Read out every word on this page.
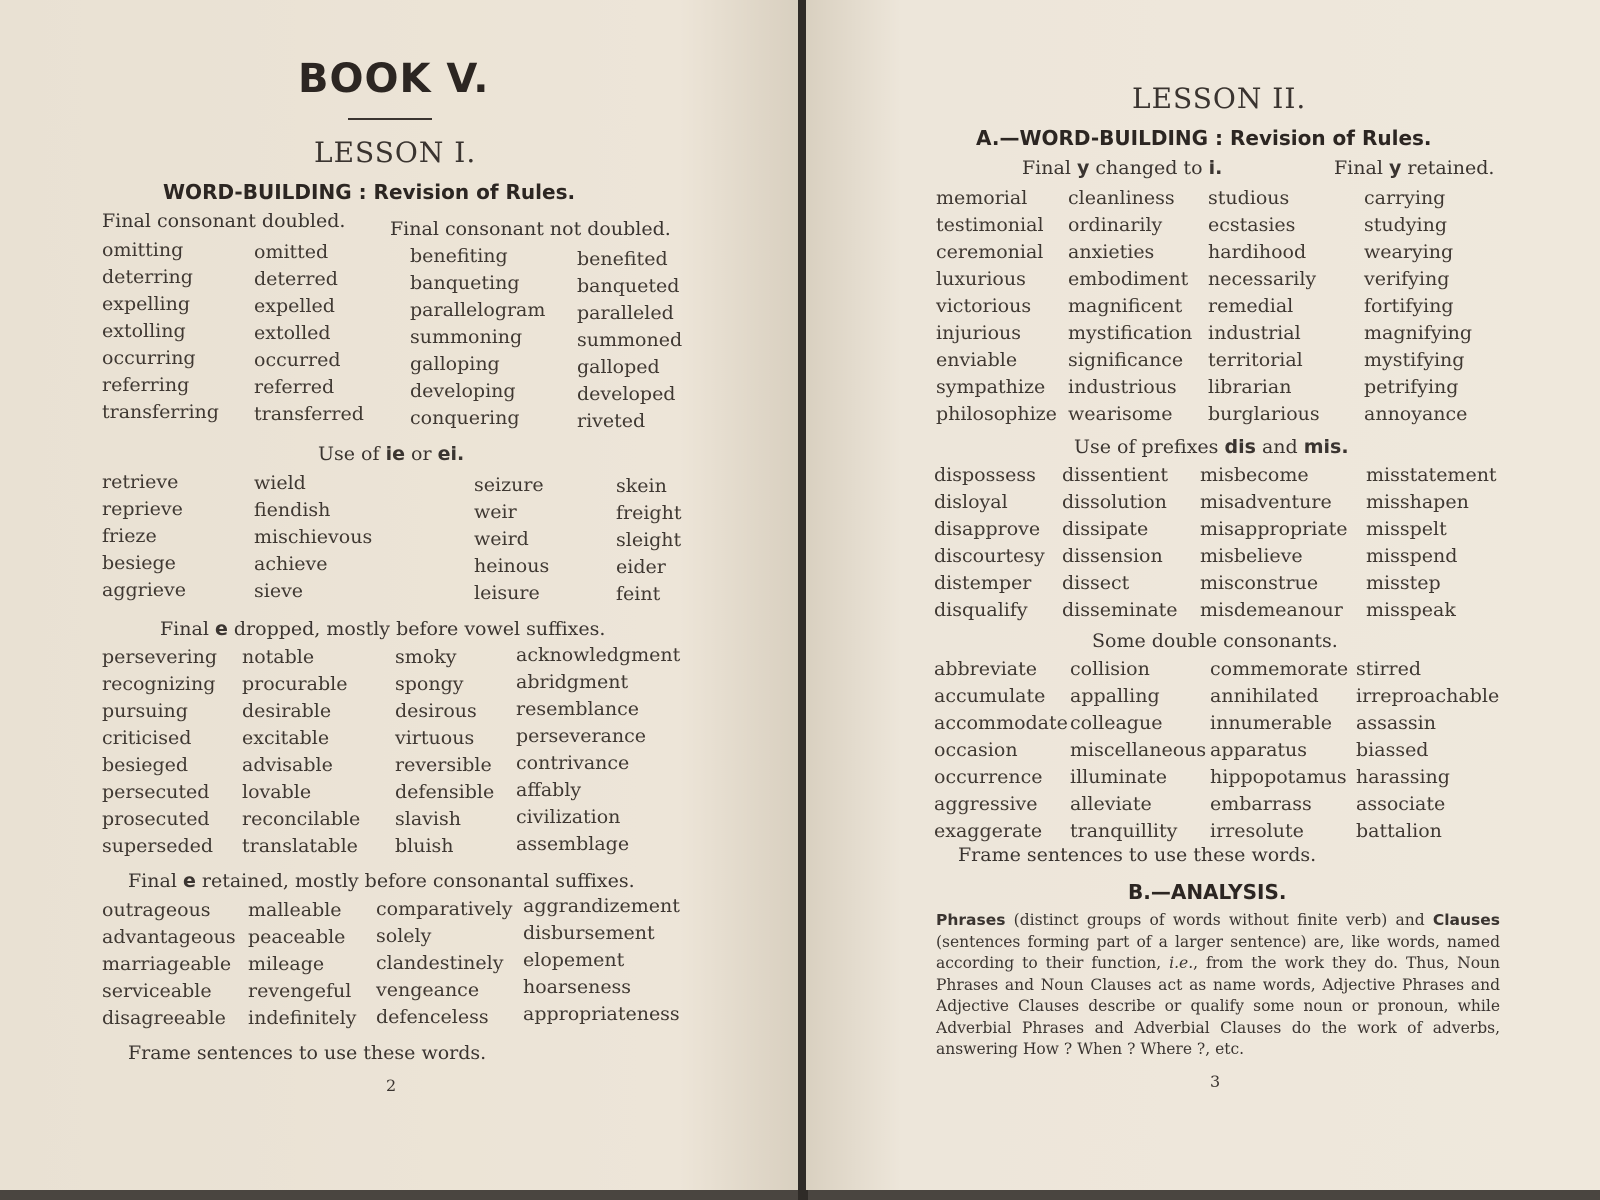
BOOK V.
LESSON I.
WORD-BUILDING : Revision of Rules.
Final consonant doubled. Final consonant not doubled.
omitting
deterring
expelling
extolling
occurring
referring
transferring
omitted
deterred
expelled
extolled
occurred
referred
transferred
benefiting
banqueting
parallelogram
summoning
galloping
developing
conquering
benefited
banqueted
paralleled
summoned
galloped
developed
riveted
Use of ie or ei.
retrieve
reprieve
frieze
besiege
aggrieve
wield
fiendish
mischievous
achieve
sieve
seizure
weir
weird
heinous
leisure
skein
freight
sleight
eider
feint
Final e dropped, mostly before vowel suffixes.
persevering
recognizing
pursuing
criticised
besieged
persecuted
prosecuted
superseded
notable
procurable
desirable
excitable
advisable
lovable
reconcilable
translatable
smoky
spongy
desirous
virtuous
reversible
defensible
slavish
bluish
acknowledgment
abridgment
resemblance
perseverance
contrivance
affably
civilization
assemblage
Final e retained, mostly before consonantal suffixes.
outrageous
advantageous
marriageable
serviceable
disagreeable
malleable
peaceable
mileage
revengeful
indefinitely
comparatively
solely
clandestinely
vengeance
defenceless
aggrandizement
disbursement
elopement
hoarseness
appropriateness
Frame sentences to use these words.
2
LESSON II.
A.—WORD-BUILDING : Revision of Rules.
Final y changed to i.	Final y retained.
memorial
testimonial
ceremonial
luxurious
victorious
injurious
enviable
sympathize
philosophize
cleanliness
ordinarily
anxieties
embodiment
magnificent
mystification
significance
industrious
wearisome
studious
ecstasies
hardihood
necessarily
remedial
industrial
territorial
librarian
burglarious
carrying
studying
wearying
verifying
fortifying
magnifying
mystifying
petrifying
annoyance
Use of prefixes dis and mis.
dispossess
disloyal
disapprove
discourtesy
distemper
disqualify
dissentient
dissolution
dissipate
dissension
dissect
disseminate
misbecome
misadventure
misappropriate
misbelieve
misconstrue
misdemeanour
misstatement
misshapen
misspelt
misspend
misstep
misspeak
Some double consonants.
abbreviate
accumulate
accommodate
occasion
occurrence
aggressive
exaggerate
collision
appalling
colleague
miscellaneous
illuminate
alleviate
tranquillity
commemorate
annihilated
innumerable
apparatus
hippopotamus
embarrass
irresolute
stirred
irreproachable
assassin
biassed
harassing
associate
battalion
Frame sentences to use these words.
B.—ANALYSIS.
Phrases (distinct groups of words without finite verb) and Clauses (sentences forming part of a larger sentence) are, like words, named according to their function, i.e., from the work they do. Thus, Noun Phrases and Noun Clauses act as name words, Adjective Phrases and Adjective Clauses describe or qualify some noun or pronoun, while Adverbial Phrases and Adverbial Clauses do the work of adverbs, answering How ? When ? Where ?, etc.
3
